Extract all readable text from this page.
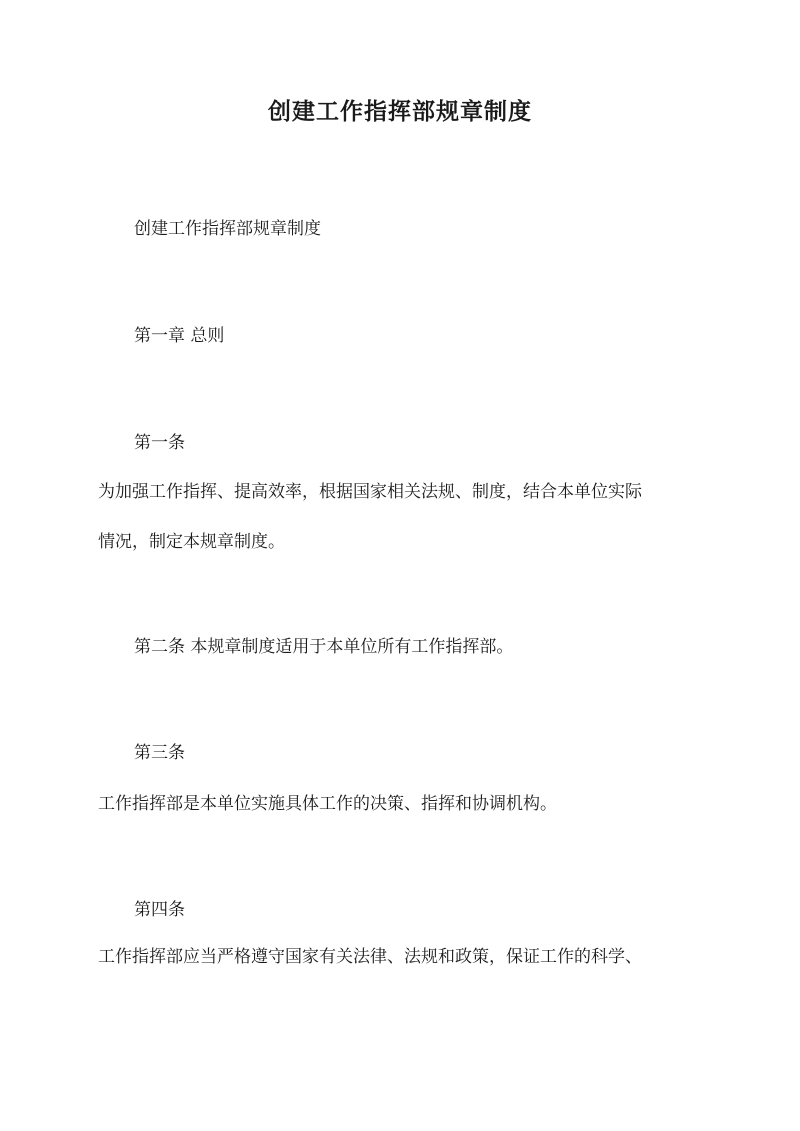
创建工作指挥部规章制度
创建工作指挥部规章制度
第一章 总则
第一条
为加强工作指挥、提高效率，根据国家相关法规、制度，结合本单位实际
情况，制定本规章制度。
第二条 本规章制度适用于本单位所有工作指挥部。
第三条
工作指挥部是本单位实施具体工作的决策、指挥和协调机构。
第四条
工作指挥部应当严格遵守国家有关法律、法规和政策，保证工作的科学、
